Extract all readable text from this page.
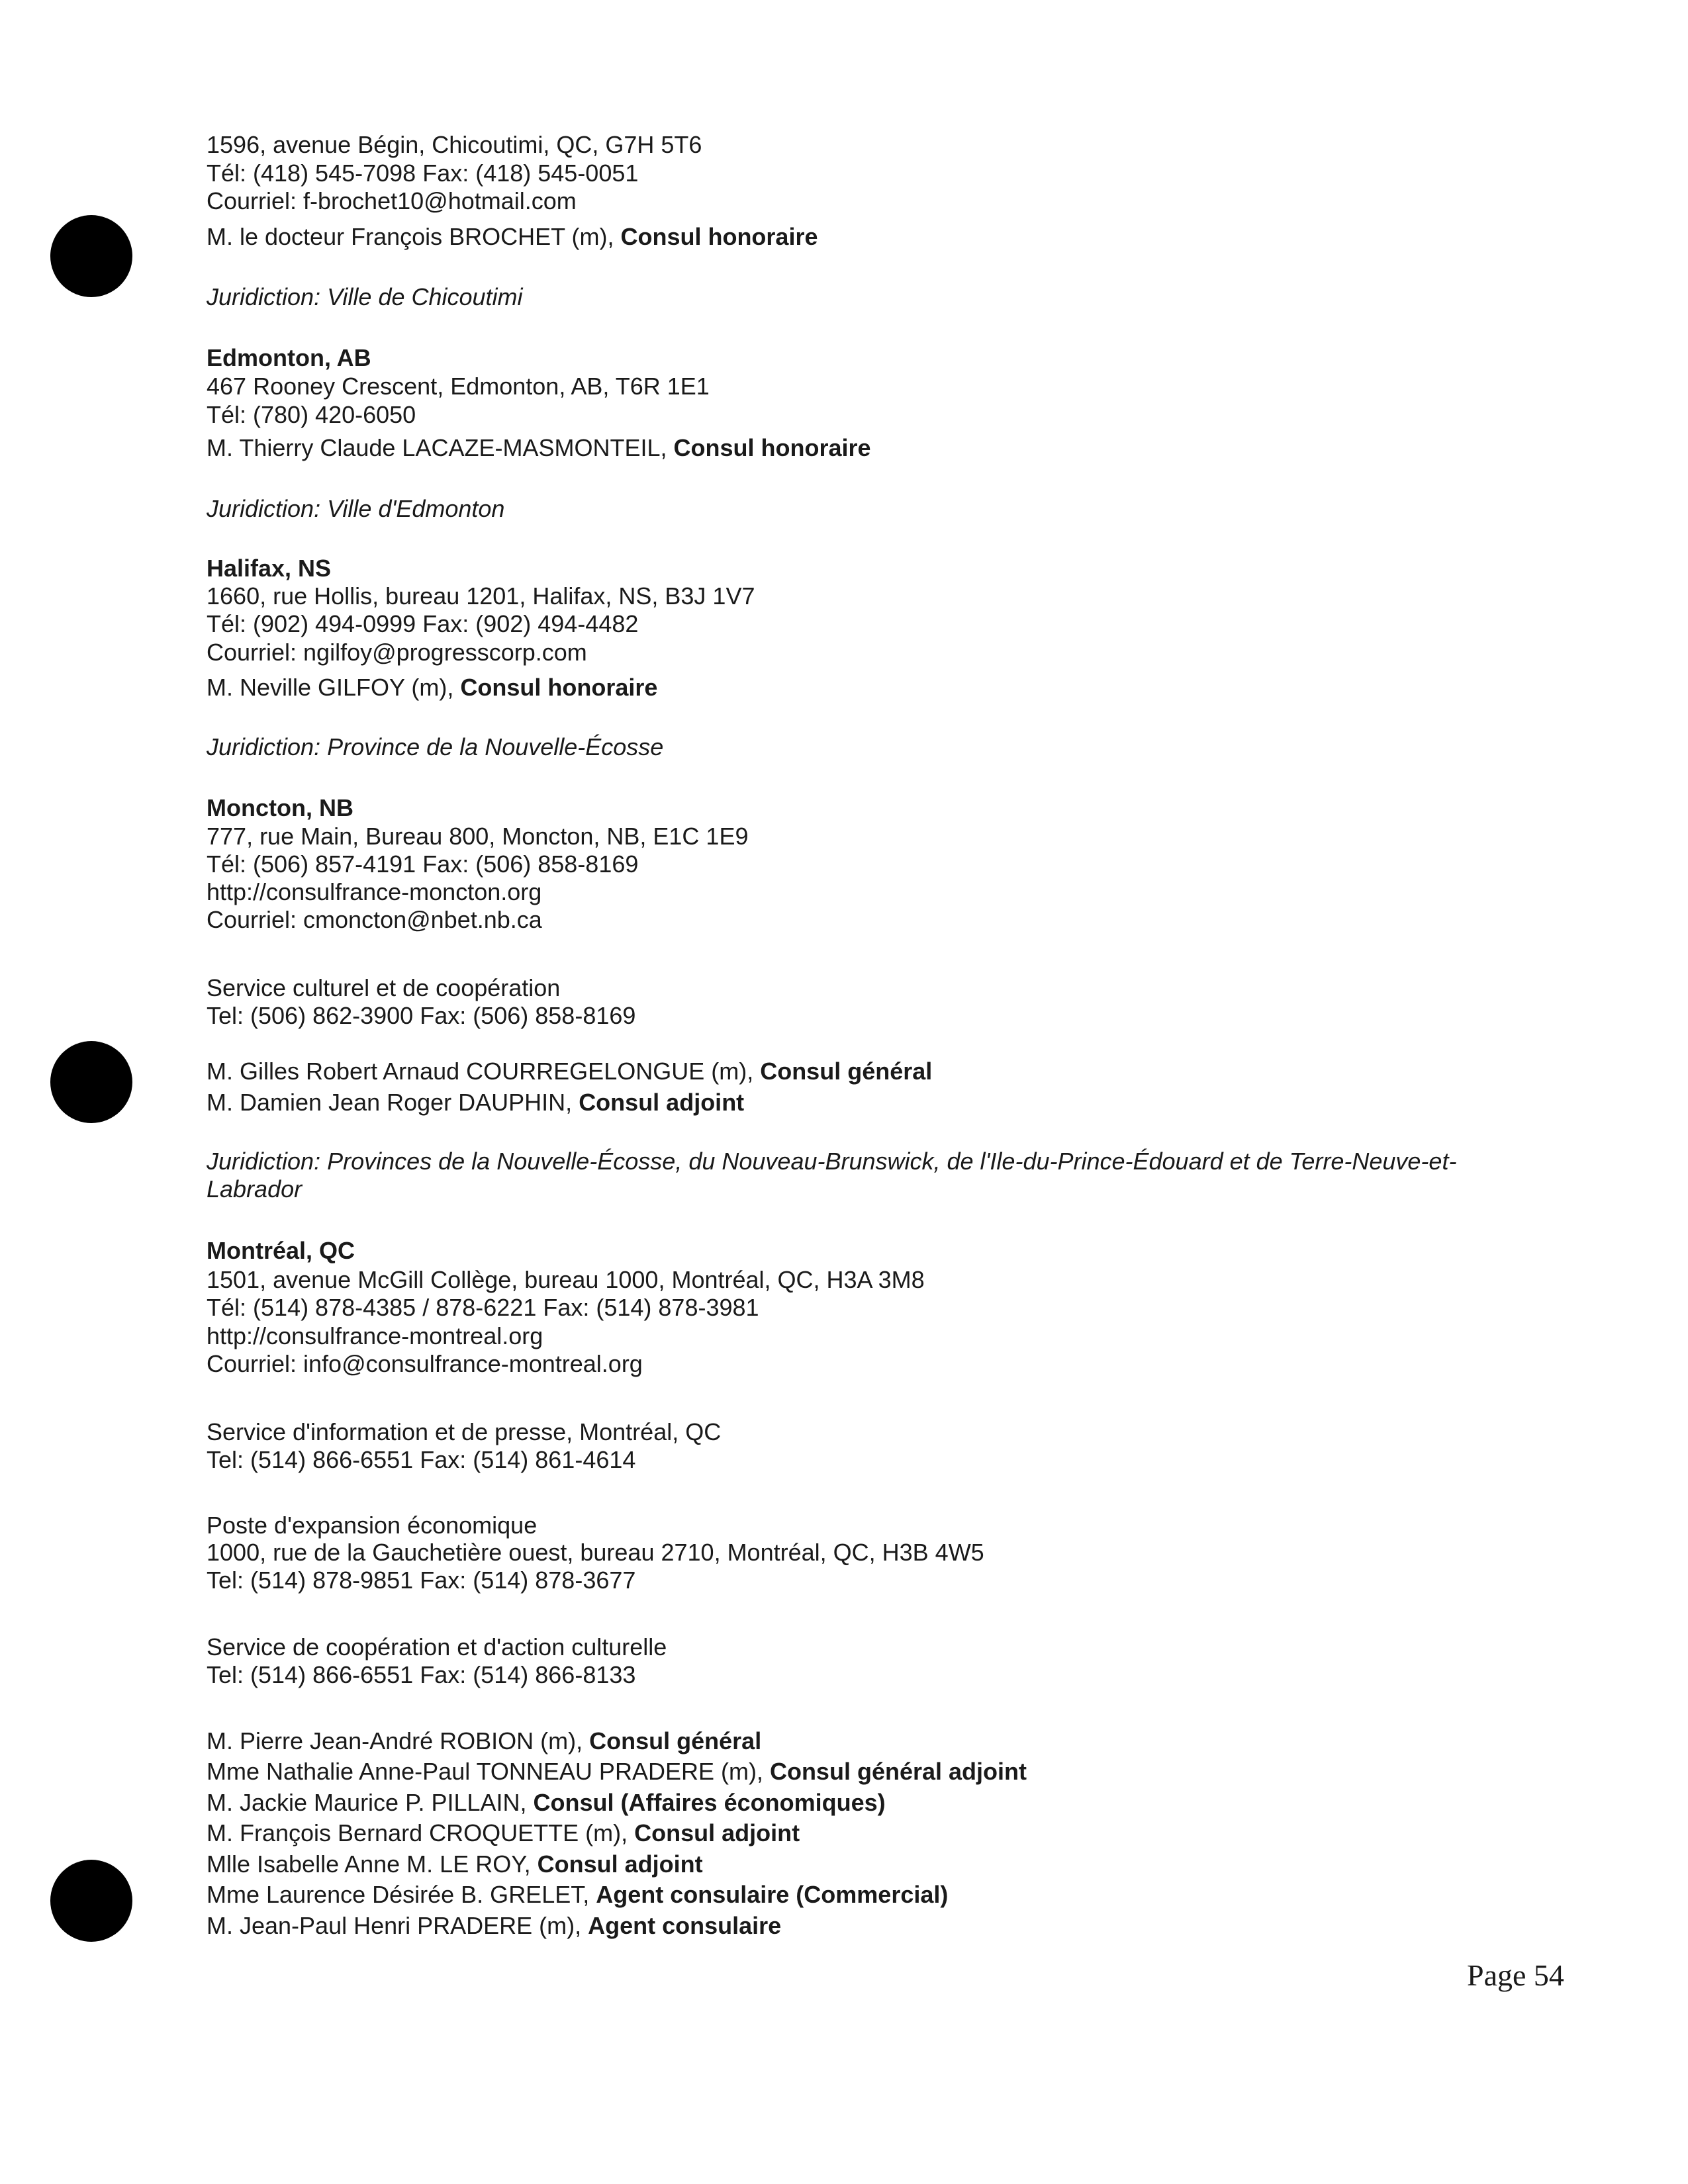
1596, avenue Bégin, Chicoutimi, QC, G7H 5T6
Tél: (418) 545-7098 Fax: (418) 545-0051
Courriel: f-brochet10@hotmail.com
M. le docteur François BROCHET (m), Consul honoraire
Juridiction: Ville de Chicoutimi
Edmonton, AB
467 Rooney Crescent, Edmonton, AB, T6R 1E1
Tél: (780) 420-6050
M. Thierry Claude LACAZE-MASMONTEIL, Consul honoraire
Juridiction: Ville d'Edmonton
Halifax, NS
1660, rue Hollis, bureau 1201, Halifax, NS, B3J 1V7
Tél: (902) 494-0999 Fax: (902) 494-4482
Courriel: ngilfoy@progresscorp.com
M. Neville GILFOY (m), Consul honoraire
Juridiction: Province de la Nouvelle-Écosse
Moncton, NB
777, rue Main, Bureau 800, Moncton, NB, E1C 1E9
Tél: (506) 857-4191 Fax: (506) 858-8169
http://consulfrance-moncton.org
Courriel: cmoncton@nbet.nb.ca
Service culturel et de coopération
Tel: (506) 862-3900 Fax: (506) 858-8169
M. Gilles Robert Arnaud COURREGELONGUE (m), Consul général
M. Damien Jean Roger DAUPHIN, Consul adjoint
Juridiction: Provinces de la Nouvelle-Écosse, du Nouveau-Brunswick, de l'Ile-du-Prince-Édouard et de Terre-Neuve-et-
Labrador
Montréal, QC
1501, avenue McGill Collège, bureau 1000, Montréal, QC, H3A 3M8
Tél: (514) 878-4385 / 878-6221 Fax: (514) 878-3981
http://consulfrance-montreal.org
Courriel: info@consulfrance-montreal.org
Service d'information et de presse, Montréal, QC
Tel: (514) 866-6551 Fax: (514) 861-4614
Poste d'expansion économique
1000, rue de la Gauchetière ouest, bureau 2710, Montréal, QC, H3B 4W5
Tel: (514) 878-9851 Fax: (514) 878-3677
Service de coopération et d'action culturelle
Tel: (514) 866-6551 Fax: (514) 866-8133
M. Pierre Jean-André ROBION (m), Consul général
Mme Nathalie Anne-Paul TONNEAU PRADERE (m), Consul général adjoint
M. Jackie Maurice P. PILLAIN, Consul (Affaires économiques)
M. François Bernard CROQUETTE (m), Consul adjoint
Mlle Isabelle Anne M. LE ROY, Consul adjoint
Mme Laurence Désirée B. GRELET, Agent consulaire (Commercial)
M. Jean-Paul Henri PRADERE (m), Agent consulaire
Page 54
